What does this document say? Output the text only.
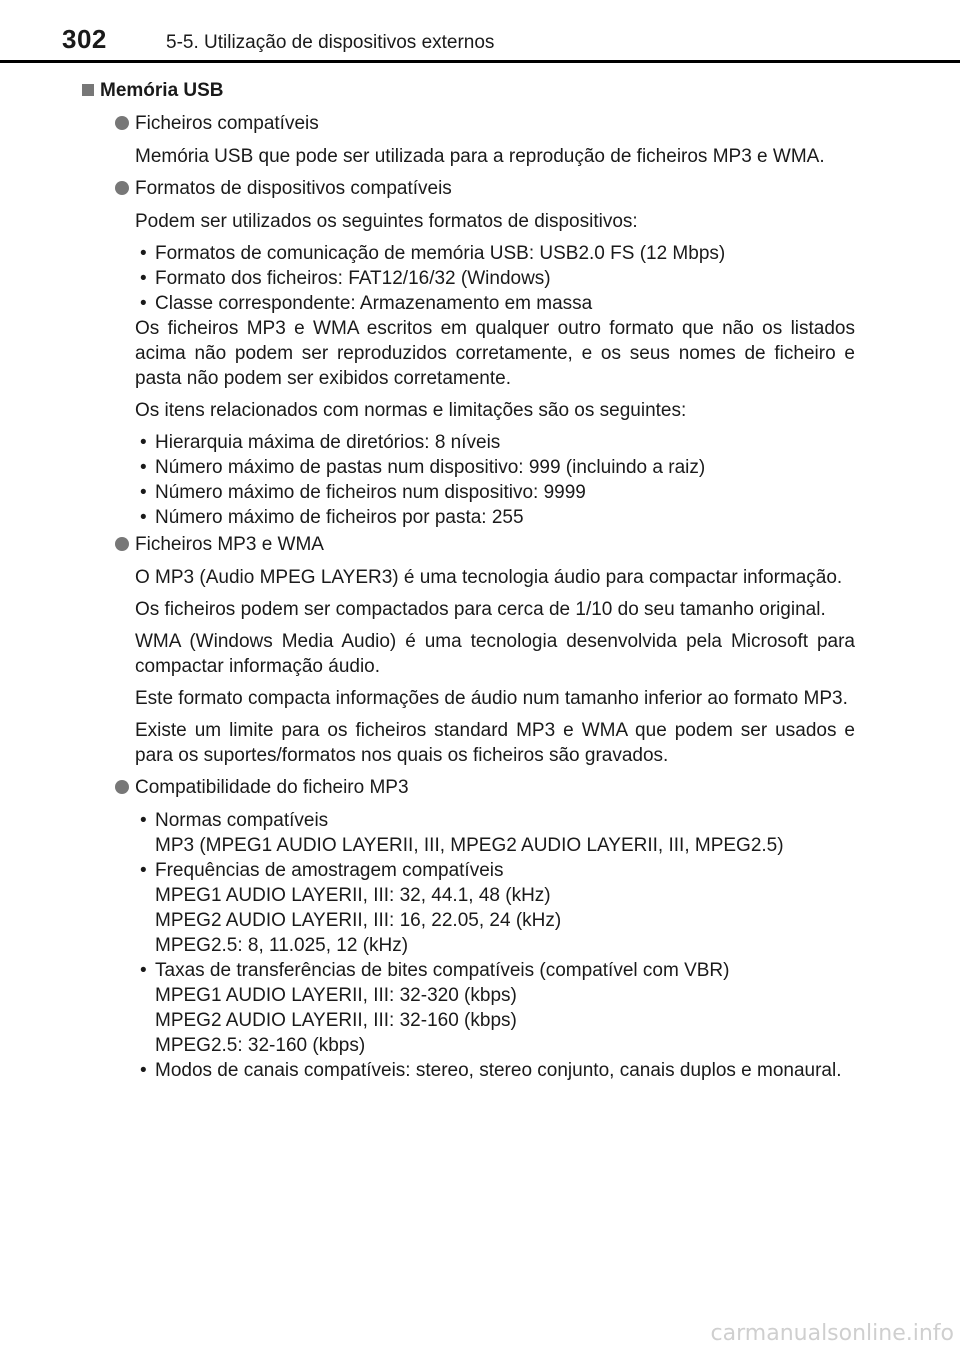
302	5-5. Utilização de dispositivos externos
Memória USB
Ficheiros compatíveis
Memória USB que pode ser utilizada para a reprodução de ficheiros MP3 e WMA.
Formatos de dispositivos compatíveis
Podem ser utilizados os seguintes formatos de dispositivos:
• Formatos de comunicação de memória USB: USB2.0 FS (12 Mbps)
• Formato dos ficheiros: FAT12/16/32 (Windows)
• Classe correspondente: Armazenamento em massa
Os ficheiros MP3 e WMA escritos em qualquer outro formato que não os listados acima não podem ser reproduzidos corretamente, e os seus nomes de ficheiro e pasta não podem ser exibidos corretamente.
Os itens relacionados com normas e limitações são os seguintes:
• Hierarquia máxima de diretórios: 8 níveis
• Número máximo de pastas num dispositivo: 999 (incluindo a raiz)
• Número máximo de ficheiros num dispositivo: 9999
• Número máximo de ficheiros por pasta: 255
Ficheiros MP3 e WMA
O MP3 (Audio MPEG LAYER3) é uma tecnologia áudio para compactar informação.
Os ficheiros podem ser compactados para cerca de 1/10 do seu tamanho original.
WMA (Windows Media Audio) é uma tecnologia desenvolvida pela Microsoft para compactar informação áudio.
Este formato compacta informações de áudio num tamanho inferior ao formato MP3.
Existe um limite para os ficheiros standard MP3 e WMA que podem ser usados e para os suportes/formatos nos quais os ficheiros são gravados.
Compatibilidade do ficheiro MP3
• Normas compatíveis
MP3 (MPEG1 AUDIO LAYERII, III, MPEG2 AUDIO LAYERII, III, MPEG2.5)
• Frequências de amostragem compatíveis
MPEG1 AUDIO LAYERII, III: 32, 44.1, 48 (kHz)
MPEG2 AUDIO LAYERII, III: 16, 22.05, 24 (kHz)
MPEG2.5: 8, 11.025, 12 (kHz)
• Taxas de transferências de bites compatíveis (compatível com VBR)
MPEG1 AUDIO LAYERII, III: 32-320 (kbps)
MPEG2 AUDIO LAYERII, III: 32-160 (kbps)
MPEG2.5: 32-160 (kbps)
• Modos de canais compatíveis: stereo, stereo conjunto, canais duplos e monaural.
carmanualsonline.info
